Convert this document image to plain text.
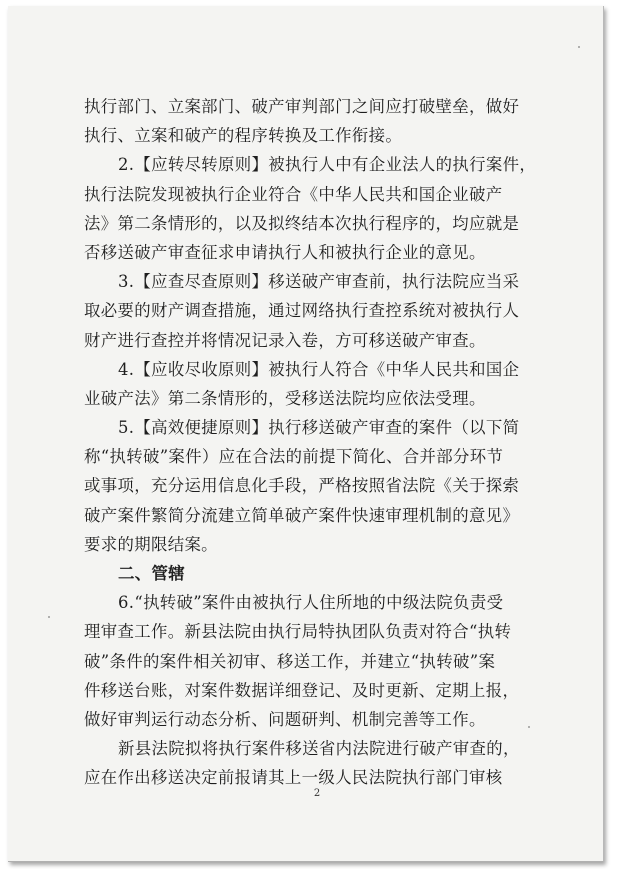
执行部门、立案部门、破产审判部门之间应打破壁垒，做好
执行、立案和破产的程序转换及工作衔接。
2.【应转尽转原则】被执行人中有企业法人的执行案件，
执行法院发现被执行企业符合《中华人民共和国企业破产
法》第二条情形的，以及拟终结本次执行程序的，均应就是
否移送破产审查征求申请执行人和被执行企业的意见。
3.【应查尽查原则】移送破产审查前，执行法院应当采
取必要的财产调查措施，通过网络执行查控系统对被执行人
财产进行查控并将情况记录入卷，方可移送破产审查。
4.【应收尽收原则】被执行人符合《中华人民共和国企
业破产法》第二条情形的，受移送法院均应依法受理。
5.【高效便捷原则】执行移送破产审查的案件（以下简
称“执转破”案件）应在合法的前提下简化、合并部分环节
或事项，充分运用信息化手段，严格按照省法院《关于探索
破产案件繁简分流建立简单破产案件快速审理机制的意见》
要求的期限结案。
二、管辖
6.“执转破”案件由被执行人住所地的中级法院负责受
理审查工作。新县法院由执行局特执团队负责对符合“执转
破”条件的案件相关初审、移送工作，并建立“执转破”案
件移送台账，对案件数据详细登记、及时更新、定期上报，
做好审判运行动态分析、问题研判、机制完善等工作。
新县法院拟将执行案件移送省内法院进行破产审查的，
应在作出移送决定前报请其上一级人民法院执行部门审核
2
